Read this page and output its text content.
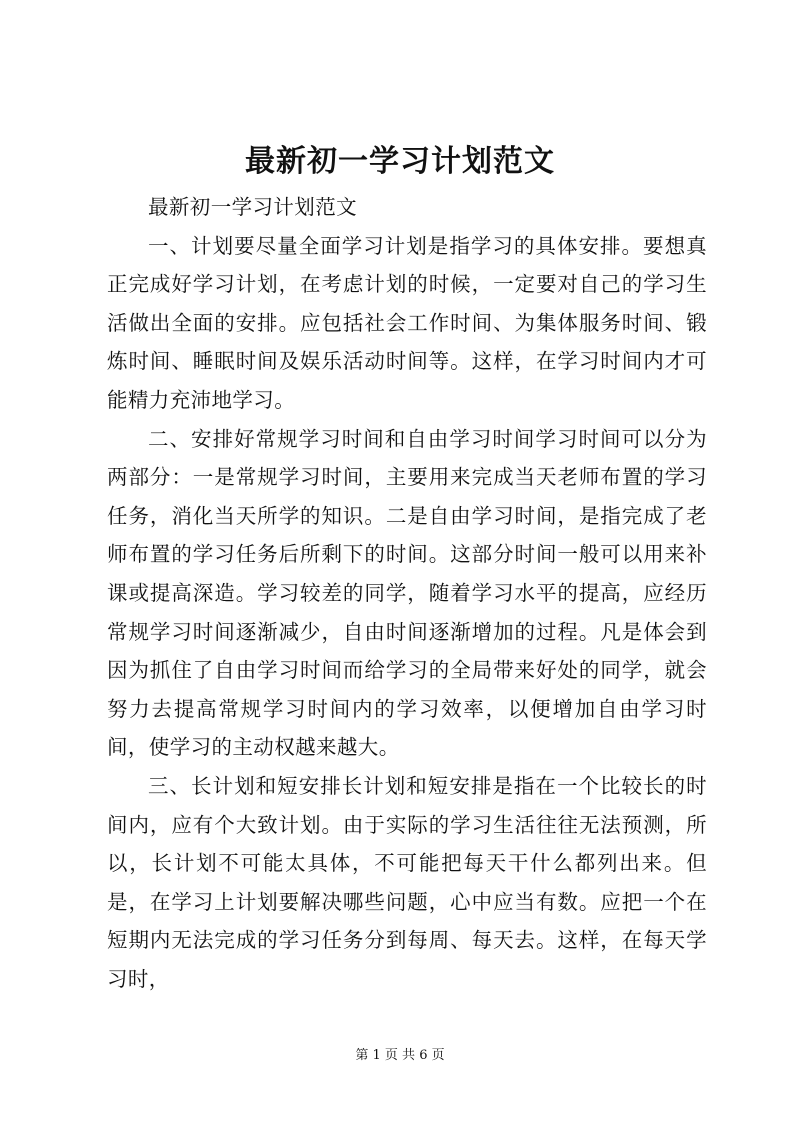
最新初一学习计划范文

最新初一学习计划范文

一、计划要尽量全面学习计划是指学习的具体安排。要想真正完成好学习计划，在考虑计划的时候，一定要对自己的学习生活做出全面的安排。应包括社会工作时间、为集体服务时间、锻炼时间、睡眠时间及娱乐活动时间等。这样，在学习时间内才可能精力充沛地学习。

二、安排好常规学习时间和自由学习时间学习时间可以分为两部分：一是常规学习时间，主要用来完成当天老师布置的学习任务，消化当天所学的知识。二是自由学习时间，是指完成了老师布置的学习任务后所剩下的时间。这部分时间一般可以用来补课或提高深造。学习较差的同学，随着学习水平的提高，应经历常规学习时间逐渐减少，自由时间逐渐增加的过程。凡是体会到因为抓住了自由学习时间而给学习的全局带来好处的同学，就会努力去提高常规学习时间内的学习效率，以便增加自由学习时间，使学习的主动权越来越大。

三、长计划和短安排长计划和短安排是指在一个比较长的时间内，应有个大致计划。由于实际的学习生活往往无法预测，所以，长计划不可能太具体，不可能把每天干什么都列出来。但是，在学习上计划要解决哪些问题，心中应当有数。应把一个在短期内无法完成的学习任务分到每周、每天去。这样，在每天学习时，

第 1 页 共 6 页
